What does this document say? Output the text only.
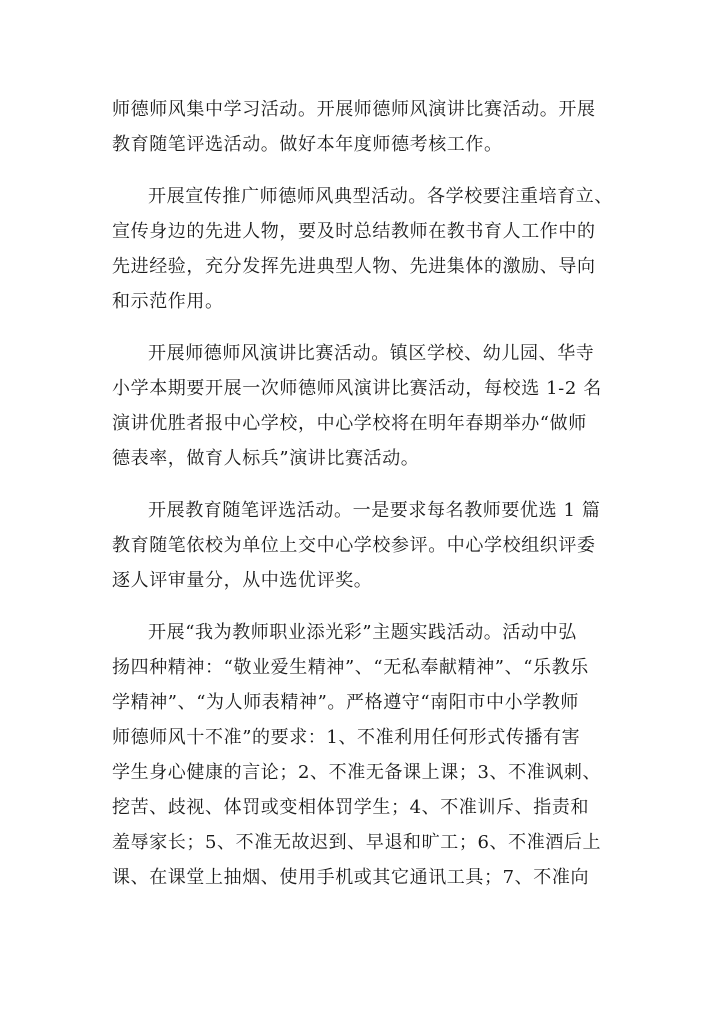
师德师风集中学习活动。开展师德师风演讲比赛活动。开展
教育随笔评选活动。做好本年度师德考核工作。

开展宣传推广师德师风典型活动。各学校要注重培育立、
宣传身边的先进人物，要及时总结教师在教书育人工作中的
先进经验，充分发挥先进典型人物、先进集体的激励、导向
和示范作用。

开展师德师风演讲比赛活动。镇区学校、幼儿园、华寺
小学本期要开展一次师德师风演讲比赛活动，每校选 1-2 名
演讲优胜者报中心学校，中心学校将在明年春期举办“做师
德表率，做育人标兵”演讲比赛活动。

开展教育随笔评选活动。一是要求每名教师要优选 1 篇
教育随笔依校为单位上交中心学校参评。中心学校组织评委
逐人评审量分，从中选优评奖。

开展“我为教师职业添光彩”主题实践活动。活动中弘
扬四种精神：“敬业爱生精神”、“无私奉献精神”、“乐教乐
学精神”、“为人师表精神”。严格遵守“南阳市中小学教师
师德师风十不准”的要求：1、不准利用任何形式传播有害
学生身心健康的言论；2、不准无备课上课；3、不准讽刺、
挖苦、歧视、体罚或变相体罚学生；4、不准训斥、指责和
羞辱家长；5、不准无故迟到、早退和旷工；6、不准酒后上
课、在课堂上抽烟、使用手机或其它通讯工具；7、不准向
